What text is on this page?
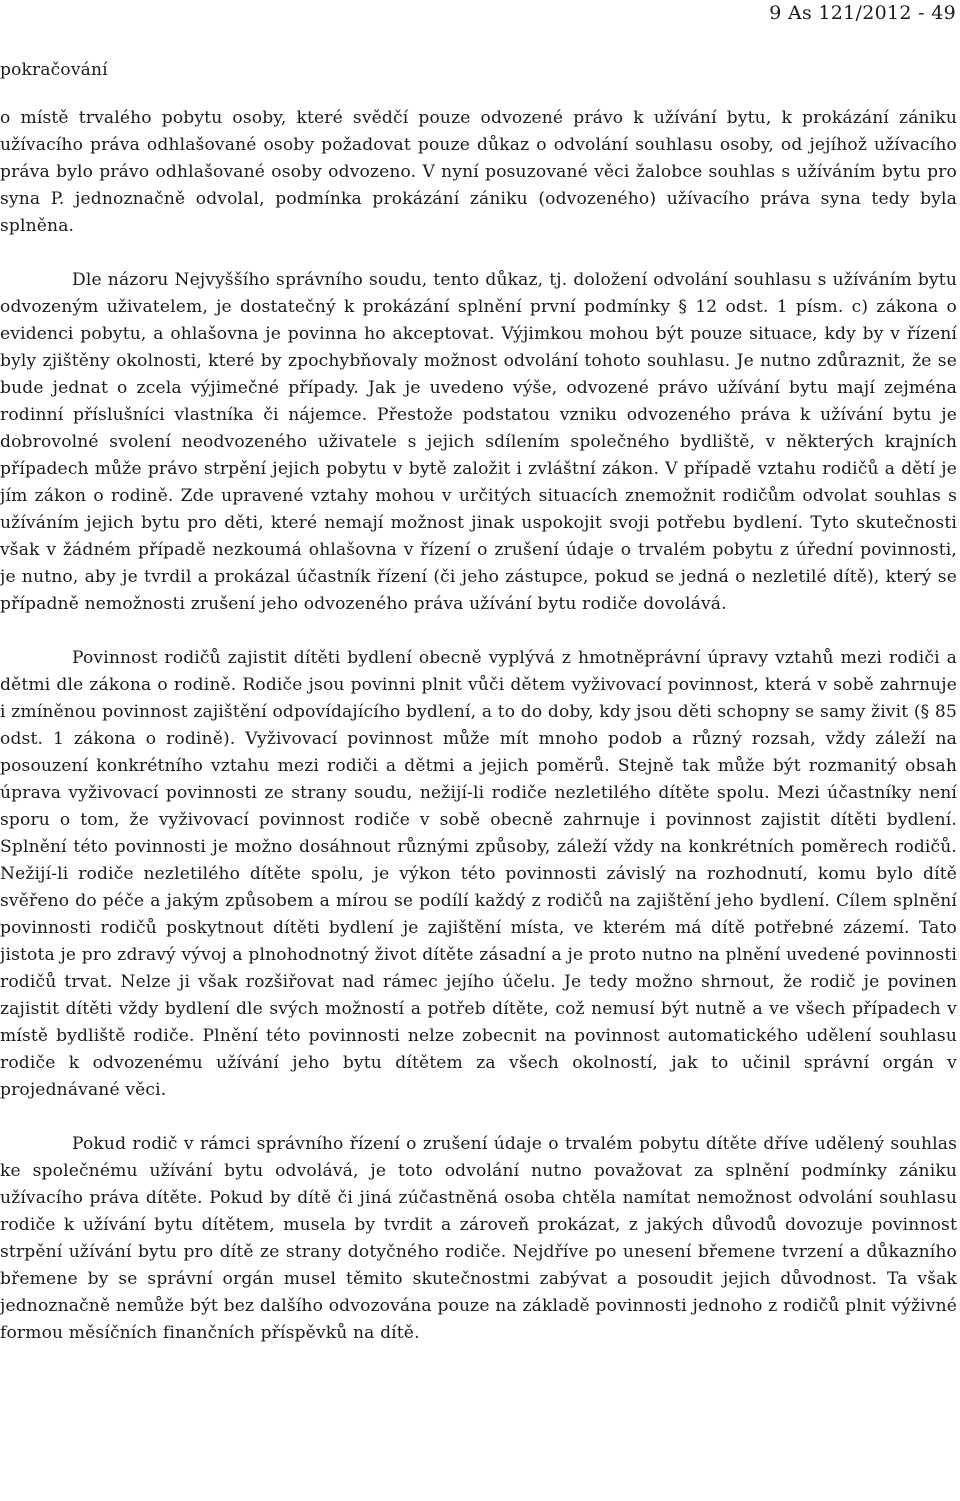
9 As 121/2012 - 49
pokračování

o místě trvalého pobytu osoby, které svědčí pouze odvozené právo k užívání bytu, k prokázání zániku užívacího práva odhlašované osoby požadovat pouze důkaz o odvolání souhlasu osoby, od jejíhož užívacího práva bylo právo odhlašované osoby odvozeno. V nyní posuzované věci žalobce souhlas s užíváním bytu pro syna P. jednoznačně odvolal, podmínka prokázání zániku (odvozeného) užívacího práva syna tedy byla splněna.

Dle názoru Nejvyššího správního soudu, tento důkaz, tj. doložení odvolání souhlasu s užíváním bytu odvozeným uživatelem, je dostatečný k prokázání splnění první podmínky § 12 odst. 1 písm. c) zákona o evidenci pobytu, a ohlašovna je povinna ho akceptovat. Výjimkou mohou být pouze situace, kdy by v řízení byly zjištěny okolnosti, které by zpochybňovaly možnost odvolání tohoto souhlasu. Je nutno zdůraznit, že se bude jednat o zcela výjimečné případy. Jak je uvedeno výše, odvozené právo užívání bytu mají zejména rodinní příslušníci vlastníka či nájemce. Přestože podstatou vzniku odvozeného práva k užívání bytu je dobrovolné svolení neodvozeného uživatele s jejich sdílením společného bydliště, v některých krajních případech může právo strpění jejich pobytu v bytě založit i zvláštní zákon. V případě vztahu rodičů a dětí je jím zákon o rodině. Zde upravené vztahy mohou v určitých situacích znemožnit rodičům odvolat souhlas s užíváním jejich bytu pro děti, které nemají možnost jinak uspokojit svoji potřebu bydlení. Tyto skutečnosti však v žádném případě nezkoumá ohlašovna v řízení o zrušení údaje o trvalém pobytu z úřední povinnosti, je nutno, aby je tvrdil a prokázal účastník řízení (či jeho zástupce, pokud se jedná o nezletilé dítě), který se případně nemožnosti zrušení jeho odvozeného práva užívání bytu rodiče dovolává.

Povinnost rodičů zajistit dítěti bydlení obecně vyplývá z hmotněprávní úpravy vztahů mezi rodiči a dětmi dle zákona o rodině. Rodiče jsou povinni plnit vůči dětem vyživovací povinnost, která v sobě zahrnuje i zmíněnou povinnost zajištění odpovídajícího bydlení, a to do doby, kdy jsou děti schopny se samy živit (§ 85 odst. 1 zákona o rodině). Vyživovací povinnost může mít mnoho podob a různý rozsah, vždy záleží na posouzení konkrétního vztahu mezi rodiči a dětmi a jejich poměrů. Stejně tak může být rozmanitý obsah úprava vyživovací povinnosti ze strany soudu, nežijí-li rodiče nezletilého dítěte spolu. Mezi účastníky není sporu o tom, že vyživovací povinnost rodiče v sobě obecně zahrnuje i povinnost zajistit dítěti bydlení. Splnění této povinnosti je možno dosáhnout různými způsoby, záleží vždy na konkrétních poměrech rodičů. Nežijí-li rodiče nezletilého dítěte spolu, je výkon této povinnosti závislý na rozhodnutí, komu bylo dítě svěřeno do péče a jakým způsobem a mírou se podílí každý z rodičů na zajištění jeho bydlení. Cílem splnění povinnosti rodičů poskytnout dítěti bydlení je zajištění místa, ve kterém má dítě potřebné zázemí. Tato jistota je pro zdravý vývoj a plnohodnotný život dítěte zásadní a je proto nutno na plnění uvedené povinnosti rodičů trvat. Nelze ji však rozšiřovat nad rámec jejího účelu. Je tedy možno shrnout, že rodič je povinen zajistit dítěti vždy bydlení dle svých možností a potřeb dítěte, což nemusí být nutně a ve všech případech v místě bydliště rodiče. Plnění této povinnosti nelze zobecnit na povinnost automatického udělení souhlasu rodiče k odvozenému užívání jeho bytu dítětem za všech okolností, jak to učinil správní orgán v projednávané věci.

Pokud rodič v rámci správního řízení o zrušení údaje o trvalém pobytu dítěte dříve udělený souhlas ke společnému užívání bytu odvolává, je toto odvolání nutno považovat za splnění podmínky zániku užívacího práva dítěte. Pokud by dítě či jiná zúčastněná osoba chtěla namítat nemožnost odvolání souhlasu rodiče k užívání bytu dítětem, musela by tvrdit a zároveň prokázat, z jakých důvodů dovozuje povinnost strpění užívání bytu pro dítě ze strany dotyčného rodiče. Nejdříve po unesení břemene tvrzení a důkazního břemene by se správní orgán musel těmito skutečnostmi zabývat a posoudit jejich důvodnost. Ta však jednoznačně nemůže být bez dalšího odvozována pouze na základě povinnosti jednoho z rodičů plnit výživné formou měsíčních finančních příspěvků na dítě.
